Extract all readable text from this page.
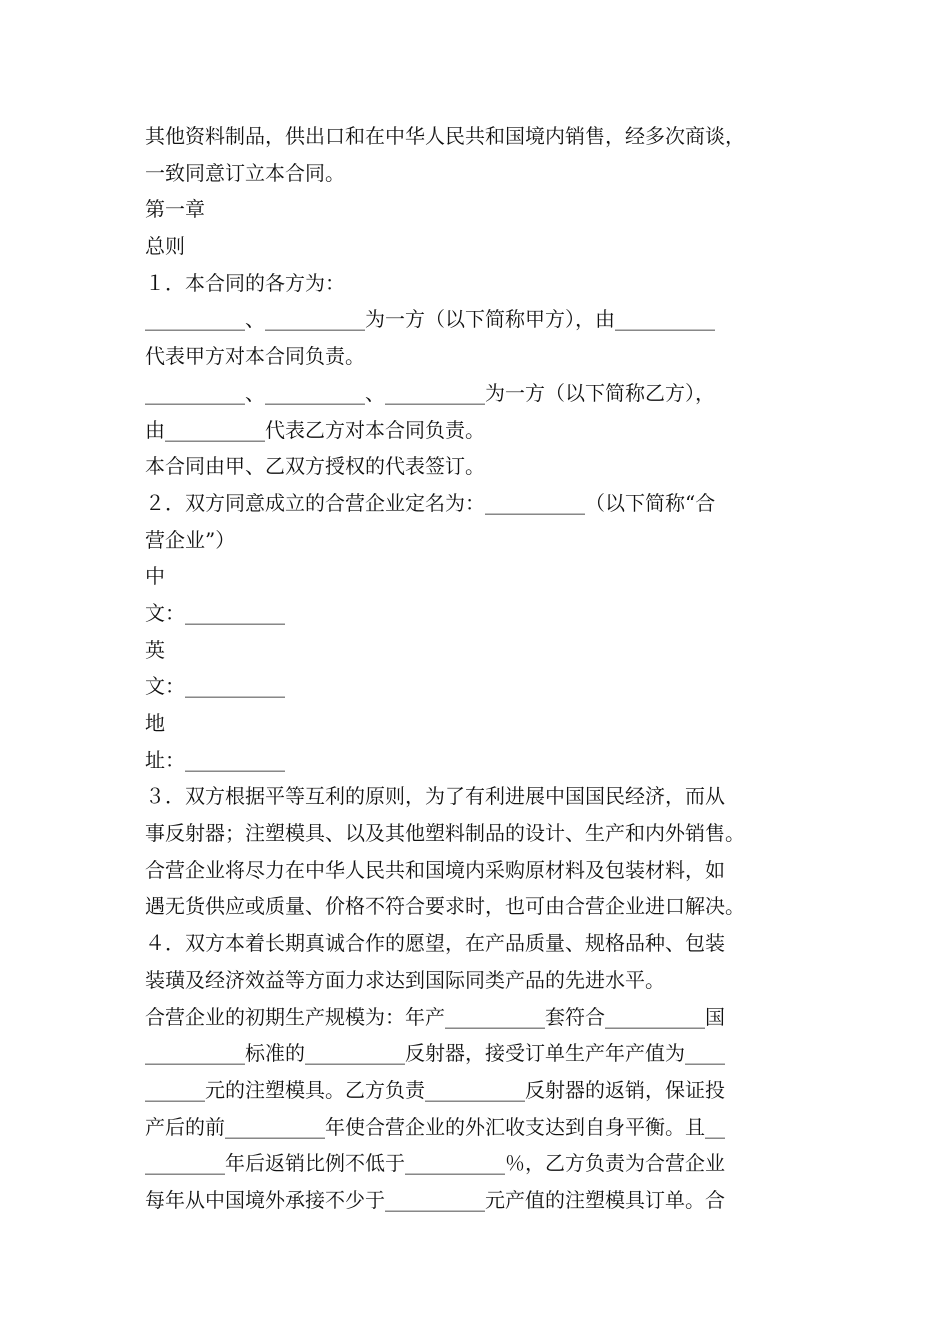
其他资料制品，供出口和在中华人民共和国境内销售，经多次商谈，
一致同意订立本合同。
第一章
总则
１．本合同的各方为：
__________、__________为一方（以下简称甲方），由__________
代表甲方对本合同负责。
__________、__________、__________为一方（以下简称乙方），
由__________代表乙方对本合同负责。
本合同由甲、乙双方授权的代表签订。
２．双方同意成立的合营企业定名为：__________（以下简称“合
营企业”）
中
文：__________
英
文：__________
地
址：__________
３．双方根据平等互利的原则，为了有利进展中国国民经济，而从
事反射器；注塑模具、以及其他塑料制品的设计、生产和内外销售。
合营企业将尽力在中华人民共和国境内采购原材料及包装材料，如
遇无货供应或质量、价格不符合要求时，也可由合营企业进口解决。
４．双方本着长期真诚合作的愿望，在产品质量、规格品种、包装
装璜及经济效益等方面力求达到国际同类产品的先进水平。
合营企业的初期生产规模为：年产__________套符合__________国
__________标准的__________反射器，接受订单生产年产值为____
______元的注塑模具。乙方负责__________反射器的返销，保证投
产后的前__________年使合营企业的外汇收支达到自身平衡。且__
________年后返销比例不低于__________％，乙方负责为合营企业
每年从中国境外承接不少于__________元产值的注塑模具订单。合
